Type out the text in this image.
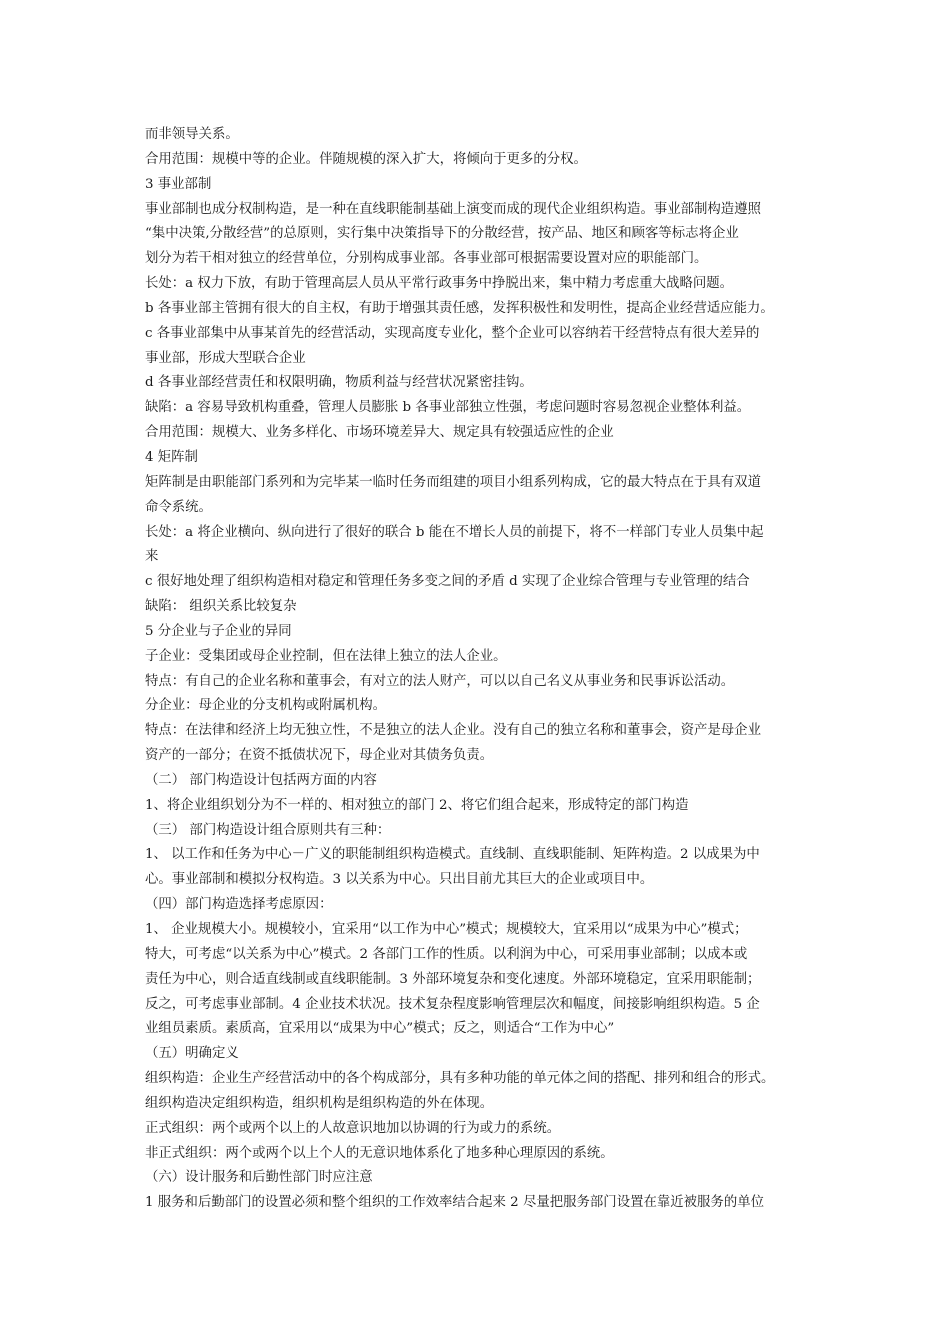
而非领导关系。
合用范围：规模中等的企业。伴随规模的深入扩大，将倾向于更多的分权。
3 事业部制
事业部制也成分权制构造，是一种在直线职能制基础上演变而成的现代企业组织构造。事业部制构造遵照
“集中决策,分散经营”的总原则，实行集中决策指导下的分散经营，按产品、地区和顾客等标志将企业
划分为若干相对独立的经营单位，分别构成事业部。各事业部可根据需要设置对应的职能部门。
长处：a 权力下放，有助于管理高层人员从平常行政事务中挣脱出来，集中精力考虑重大战略问题。
b 各事业部主管拥有很大的自主权，有助于增强其责任感，发挥积极性和发明性，提高企业经营适应能力。
c 各事业部集中从事某首先的经营活动，实现高度专业化，整个企业可以容纳若干经营特点有很大差异的
事业部，形成大型联合企业
d 各事业部经营责任和权限明确，物质利益与经营状况紧密挂钩。
缺陷：a 容易导致机构重叠，管理人员膨胀 b 各事业部独立性强，考虑问题时容易忽视企业整体利益。
合用范围：规模大、业务多样化、市场环境差异大、规定具有较强适应性的企业
4 矩阵制
矩阵制是由职能部门系列和为完毕某一临时任务而组建的项目小组系列构成，它的最大特点在于具有双道
命令系统。
长处：a 将企业横向、纵向进行了很好的联合 b 能在不增长人员的前提下，将不一样部门专业人员集中起
来
c 很好地处理了组织构造相对稳定和管理任务多变之间的矛盾 d 实现了企业综合管理与专业管理的结合
缺陷： 组织关系比较复杂
5 分企业与子企业的异同
子企业：受集团或母企业控制，但在法律上独立的法人企业。
特点：有自己的企业名称和董事会，有对立的法人财产，可以以自己名义从事业务和民事诉讼活动。
分企业：母企业的分支机构或附属机构。
特点：在法律和经济上均无独立性，不是独立的法人企业。没有自己的独立名称和董事会，资产是母企业
资产的一部分；在资不抵债状况下，母企业对其债务负责。
（二） 部门构造设计包括两方面的内容
1、将企业组织划分为不一样的、相对独立的部门 2、将它们组合起来，形成特定的部门构造
（三） 部门构造设计组合原则共有三种：
1、 以工作和任务为中心－广义的职能制组织构造模式。直线制、直线职能制、矩阵构造。2 以成果为中
心。事业部制和模拟分权构造。3 以关系为中心。只出目前尤其巨大的企业或项目中。
（四）部门构造选择考虑原因：
1、 企业规模大小。规模较小，宜采用“以工作为中心”模式；规模较大，宜采用以“成果为中心”模式；
特大，可考虑“以关系为中心”模式。2 各部门工作的性质。以利润为中心，可采用事业部制；以成本或
责任为中心，则合适直线制或直线职能制。3 外部环境复杂和变化速度。外部环境稳定，宜采用职能制；
反之，可考虑事业部制。4 企业技术状况。技术复杂程度影响管理层次和幅度，间接影响组织构造。5 企
业组员素质。素质高，宜采用以“成果为中心”模式；反之，则适合“工作为中心”
（五）明确定义
组织构造：企业生产经营活动中的各个构成部分，具有多种功能的单元体之间的搭配、排列和组合的形式。
组织构造决定组织构造，组织机构是组织构造的外在体现。
正式组织：两个或两个以上的人故意识地加以协调的行为或力的系统。
非正式组织：两个或两个以上个人的无意识地体系化了地多种心理原因的系统。
（六）设计服务和后勤性部门时应注意
1 服务和后勤部门的设置必须和整个组织的工作效率结合起来 2 尽量把服务部门设置在靠近被服务的单位
